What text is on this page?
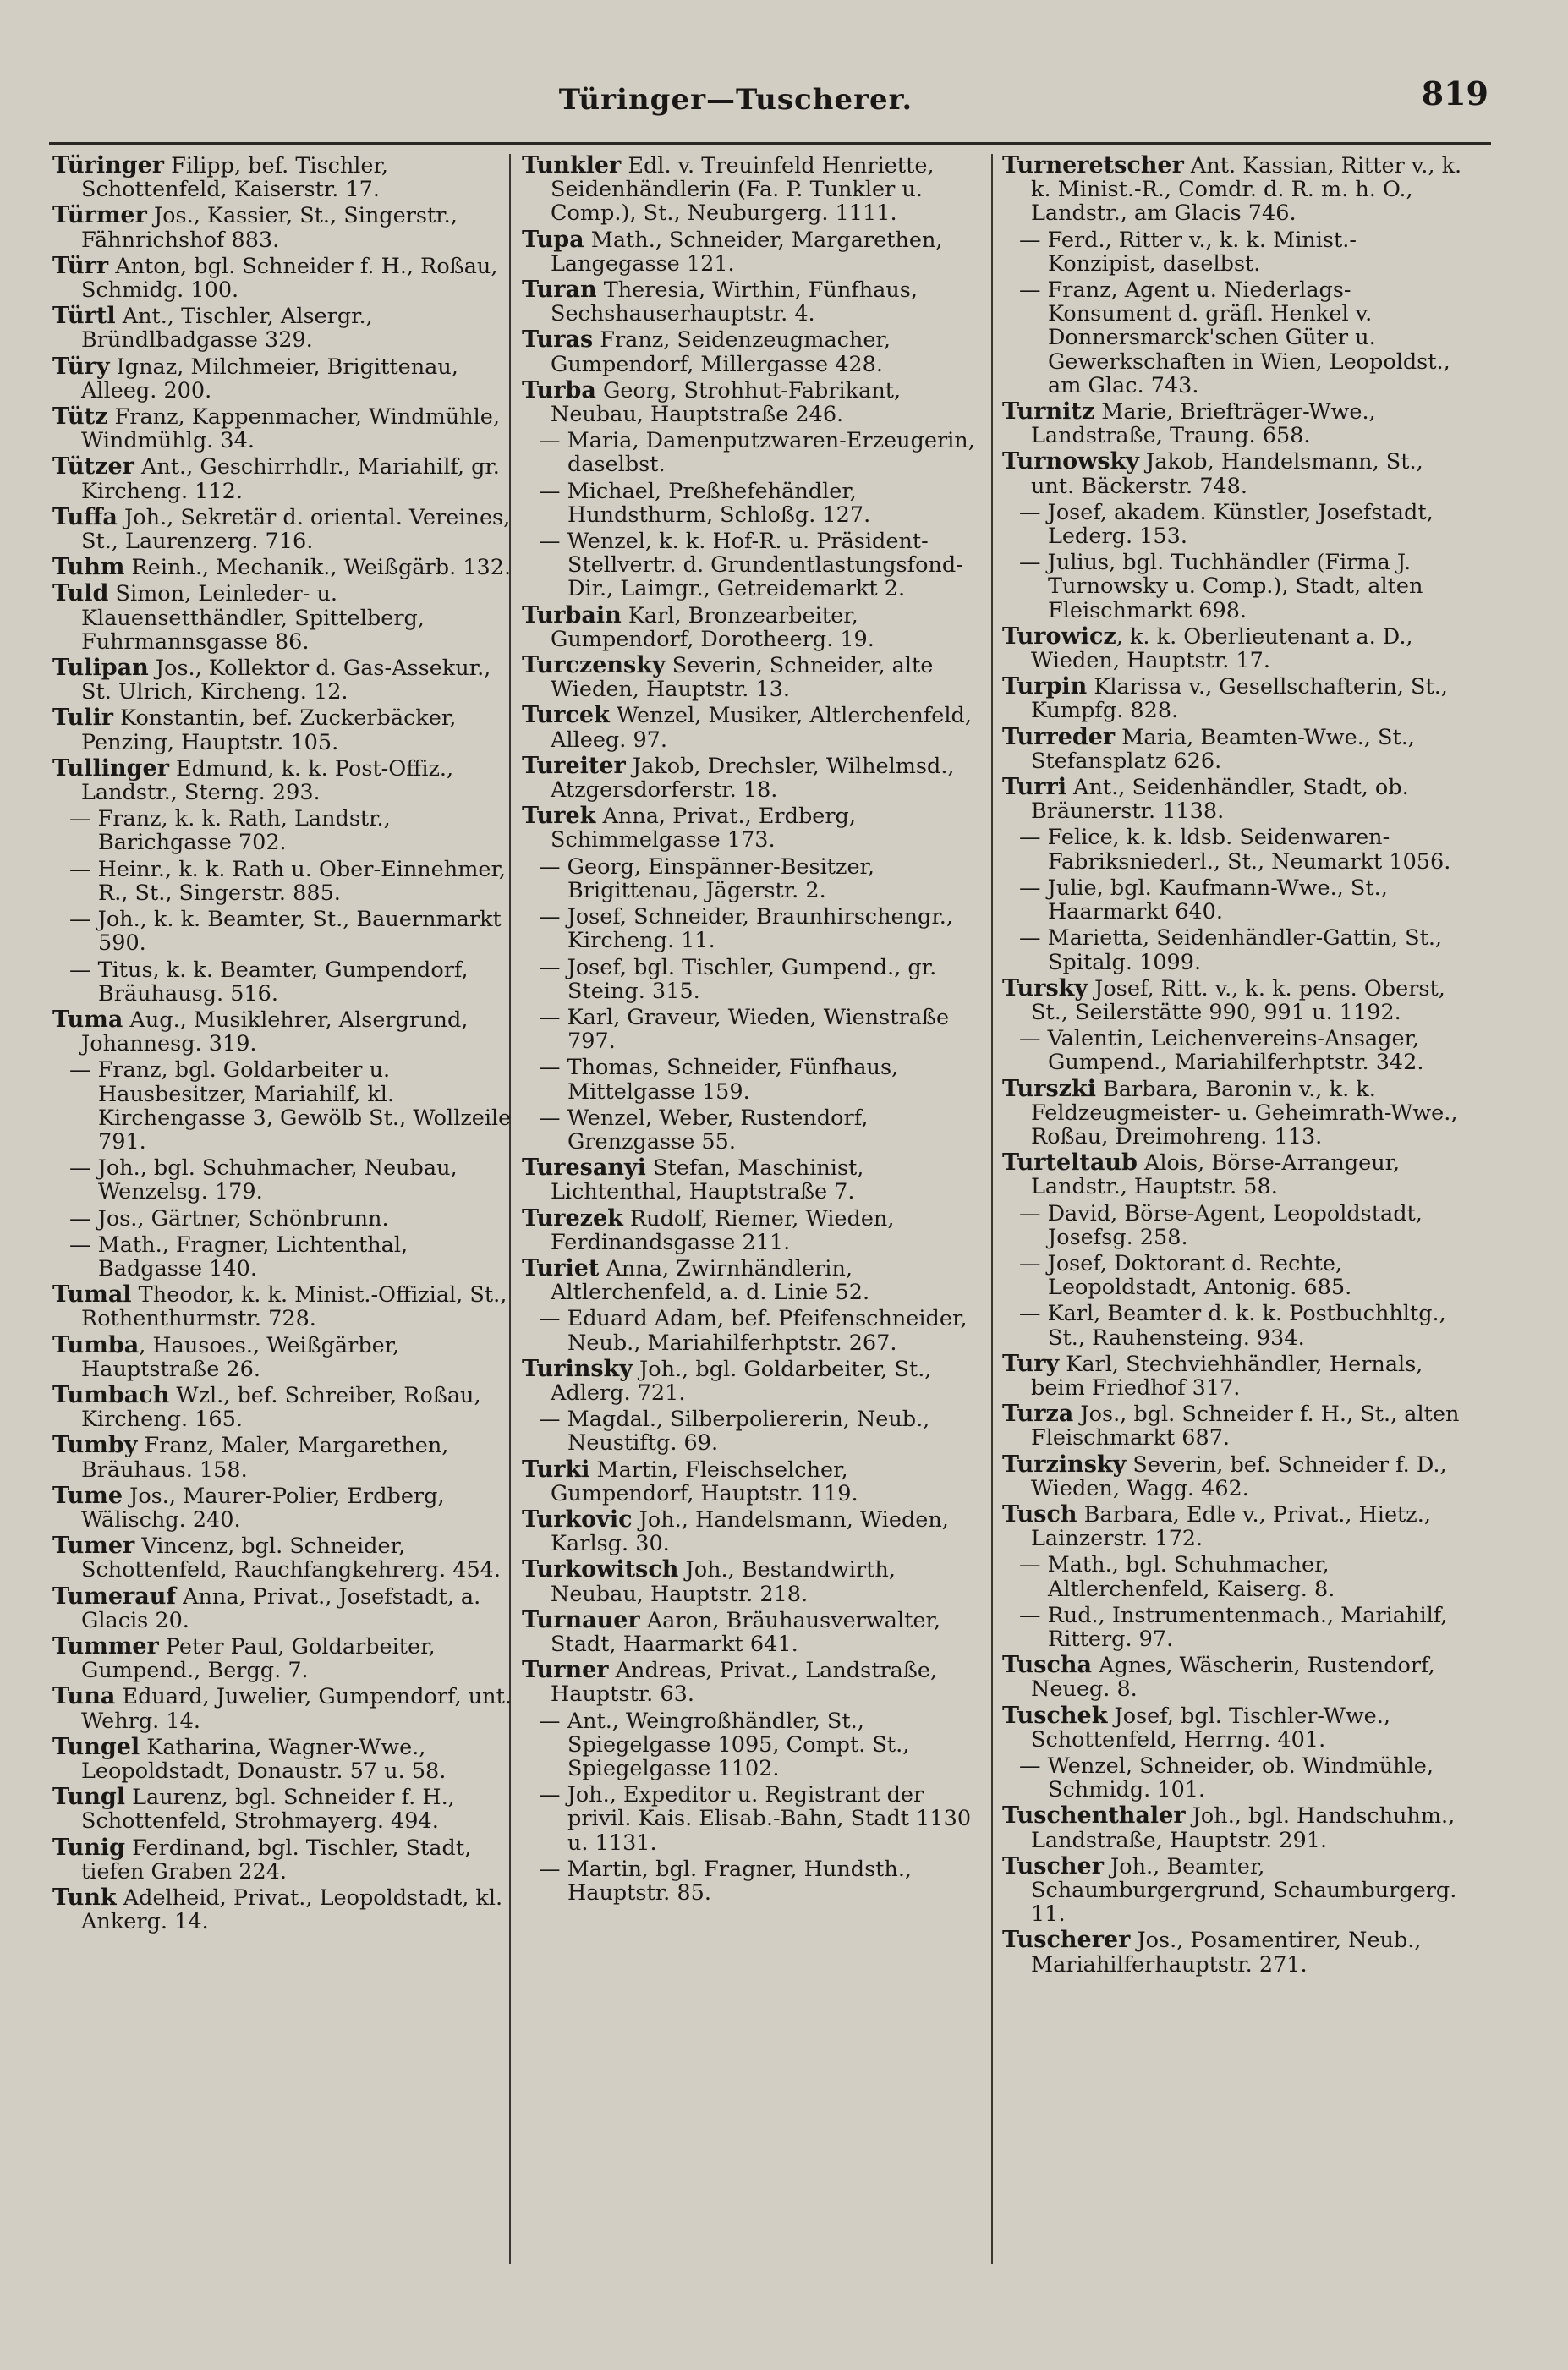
Türinger—Tuscherer.	819

Türinger Filipp, bef. Tischler, Schottenfeld, Kaiserstr. 17.

Türmer Jos., Kassier, St., Singerstr., Fähnrichshof 883.

Türr Anton, bgl. Schneider f. H., Roßau, Schmidg. 100.

Türtl Ant., Tischler, Alsergr., Bründlbadgasse 329.

Türy Ignaz, Milchmeier, Brigittenau, Alleeg. 200.

Tütz Franz, Kappenmacher, Windmühle, Windmühlg. 34.

Tützer Ant., Geschirrhdlr., Mariahilf, gr. Kircheng. 112.

Tuffa Joh., Sekretär d. oriental. Vereines, St., Laurenzerg. 716.

Tuhm Reinh., Mechanik., Weißgärb. 132.

Tuld Simon, Leinleder- u. Klauensetthändler, Spittelberg, Fuhrmannsgasse 86.

Tulipan Jos., Kollektor d. Gas-Assekur., St. Ulrich, Kircheng. 12.

Tulir Konstantin, bef. Zuckerbäcker, Penzing, Hauptstr. 105.

Tullinger Edmund, k. k. Post-Offiz., Landstr., Sterng. 293.

— Franz, k. k. Rath, Landstr., Barichgasse 702.

— Heinr., k. k. Rath u. Ober-Einnehmer, R., St., Singerstr. 885.

— Joh., k. k. Beamter, St., Bauernmarkt 590.

— Titus, k. k. Beamter, Gumpendorf, Bräuhausg. 516.

Tuma Aug., Musiklehrer, Alsergrund, Johannesg. 319.

— Franz, bgl. Goldarbeiter u. Hausbesitzer, Mariahilf, kl. Kirchengasse 3, Gewölb St., Wollzeile 791.

— Joh., bgl. Schuhmacher, Neubau, Wenzelsg. 179.

— Jos., Gärtner, Schönbrunn.

— Math., Fragner, Lichtenthal, Badgasse 140.

Tumal Theodor, k. k. Minist.-Offizial, St., Rothenthurmstr. 728.

Tumba, Hausoes., Weißgärber, Hauptstraße 26.

Tumbach Wzl., bef. Schreiber, Roßau, Kircheng. 165.

Tumby Franz, Maler, Margarethen, Bräuhaus. 158.

Tume Jos., Maurer-Polier, Erdberg, Wälischg. 240.

Tumer Vincenz, bgl. Schneider, Schottenfeld, Rauchfangkehrerg. 454.

Tumerauf Anna, Privat., Josefstadt, a. Glacis 20.

Tummer Peter Paul, Goldarbeiter, Gumpend., Bergg. 7.

Tuna Eduard, Juwelier, Gumpendorf, unt. Wehrg. 14.

Tungel Katharina, Wagner-Wwe., Leopoldstadt, Donaustr. 57 u. 58.

Tungl Laurenz, bgl. Schneider f. H., Schottenfeld, Strohmayerg. 494.

Tunig Ferdinand, bgl. Tischler, Stadt, tiefen Graben 224.

Tunk Adelheid, Privat., Leopoldstadt, kl. Ankerg. 14.

Tunkler Edl. v. Treuinfeld Henriette, Seidenhändlerin (Fa. P. Tunkler u. Comp.), St., Neuburgerg. 1111.

Tupa Math., Schneider, Margarethen, Langegasse 121.

Turan Theresia, Wirthin, Fünfhaus, Sechshauserhauptstr. 4.

Turas Franz, Seidenzeugmacher, Gumpendorf, Millergasse 428.

Turba Georg, Strohhut-Fabrikant, Neubau, Hauptstraße 246.

— Maria, Damenputzwaren-Erzeugerin, daselbst.

— Michael, Preßhefehändler, Hundsthurm, Schloßg. 127.

— Wenzel, k. k. Hof-R. u. Präsident-Stellvertr. d. Grundentlastungsfond-Dir., Laimgr., Getreidemarkt 2.

Turbain Karl, Bronzearbeiter, Gumpendorf, Dorotheerg. 19.

Turczensky Severin, Schneider, alte Wieden, Hauptstr. 13.

Turcek Wenzel, Musiker, Altlerchenfeld, Alleeg. 97.

Tureiter Jakob, Drechsler, Wilhelmsd., Atzgersdorferstr. 18.

Turek Anna, Privat., Erdberg, Schimmelgasse 173.

— Georg, Einspänner-Besitzer, Brigittenau, Jägerstr. 2.

— Josef, Schneider, Braunhirschengr., Kircheng. 11.

— Josef, bgl. Tischler, Gumpend., gr. Steing. 315.

— Karl, Graveur, Wieden, Wienstraße 797.

— Thomas, Schneider, Fünfhaus, Mittelgasse 159.

— Wenzel, Weber, Rustendorf, Grenzgasse 55.

Turesanyi Stefan, Maschinist, Lichtenthal, Hauptstraße 7.

Turezek Rudolf, Riemer, Wieden, Ferdinandsgasse 211.

Turiet Anna, Zwirnhändlerin, Altlerchenfeld, a. d. Linie 52.

— Eduard Adam, bef. Pfeifenschneider, Neub., Mariahilferhptstr. 267.

Turinsky Joh., bgl. Goldarbeiter, St., Adlerg. 721.

— Magdal., Silberpoliererin, Neub., Neustiftg. 69.

Turki Martin, Fleischselcher, Gumpendorf, Hauptstr. 119.

Turkovic Joh., Handelsmann, Wieden, Karlsg. 30.

Turkowitsch Joh., Bestandwirth, Neubau, Hauptstr. 218.

Turnauer Aaron, Bräuhausverwalter, Stadt, Haarmarkt 641.

Turner Andreas, Privat., Landstraße, Hauptstr. 63.

— Ant., Weingroßhändler, St., Spiegelgasse 1095, Compt. St., Spiegelgasse 1102.

— Joh., Expeditor u. Registrant der privil. Kais. Elisab.-Bahn, Stadt 1130 u. 1131.

— Martin, bgl. Fragner, Hundsth., Hauptstr. 85.

Turneretscher Ant. Kassian, Ritter v., k. k. Minist.-R., Comdr. d. R. m. h. O., Landstr., am Glacis 746.

— Ferd., Ritter v., k. k. Minist.-Konzipist, daselbst.

— Franz, Agent u. Niederlags-Konsument d. gräfl. Henkel v. Donnersmarck'schen Güter u. Gewerkschaften in Wien, Leopoldst., am Glac. 743.

Turnitz Marie, Briefträger-Wwe., Landstraße, Traung. 658.

Turnowsky Jakob, Handelsmann, St., unt. Bäckerstr. 748.

— Josef, akadem. Künstler, Josefstadt, Lederg. 153.

— Julius, bgl. Tuchhändler (Firma J. Turnowsky u. Comp.), Stadt, alten Fleischmarkt 698.

Turowicz, k. k. Oberlieutenant a. D., Wieden, Hauptstr. 17.

Turpin Klarissa v., Gesellschafterin, St., Kumpfg. 828.

Turreder Maria, Beamten-Wwe., St., Stefansplatz 626.

Turri Ant., Seidenhändler, Stadt, ob. Bräunerstr. 1138.

— Felice, k. k. ldsb. Seidenwaren-Fabriksniederl., St., Neumarkt 1056.

— Julie, bgl. Kaufmann-Wwe., St., Haarmarkt 640.

— Marietta, Seidenhändler-Gattin, St., Spitalg. 1099.

Tursky Josef, Ritt. v., k. k. pens. Oberst, St., Seilerstätte 990, 991 u. 1192.

— Valentin, Leichenvereins-Ansager, Gumpend., Mariahilferhptstr. 342.

Turszki Barbara, Baronin v., k. k. Feldzeugmeister- u. Geheimrath-Wwe., Roßau, Dreimohreng. 113.

Turteltaub Alois, Börse-Arrangeur, Landstr., Hauptstr. 58.

— David, Börse-Agent, Leopoldstadt, Josefsg. 258.

— Josef, Doktorant d. Rechte, Leopoldstadt, Antonig. 685.

— Karl, Beamter d. k. k. Postbuchhltg., St., Rauhensteing. 934.

Tury Karl, Stechviehhändler, Hernals, beim Friedhof 317.

Turza Jos., bgl. Schneider f. H., St., alten Fleischmarkt 687.

Turzinsky Severin, bef. Schneider f. D., Wieden, Wagg. 462.

Tusch Barbara, Edle v., Privat., Hietz., Lainzerstr. 172.

— Math., bgl. Schuhmacher, Altlerchenfeld, Kaiserg. 8.

— Rud., Instrumentenmach., Mariahilf, Ritterg. 97.

Tuscha Agnes, Wäscherin, Rustendorf, Neueg. 8.

Tuschek Josef, bgl. Tischler-Wwe., Schottenfeld, Herrng. 401.

— Wenzel, Schneider, ob. Windmühle, Schmidg. 101.

Tuschenthaler Joh., bgl. Handschuhm., Landstraße, Hauptstr. 291.

Tuscher Joh., Beamter, Schaumburgergrund, Schaumburgerg. 11.

Tuscherer Jos., Posamentirer, Neub., Mariahilferhauptstr. 271.
